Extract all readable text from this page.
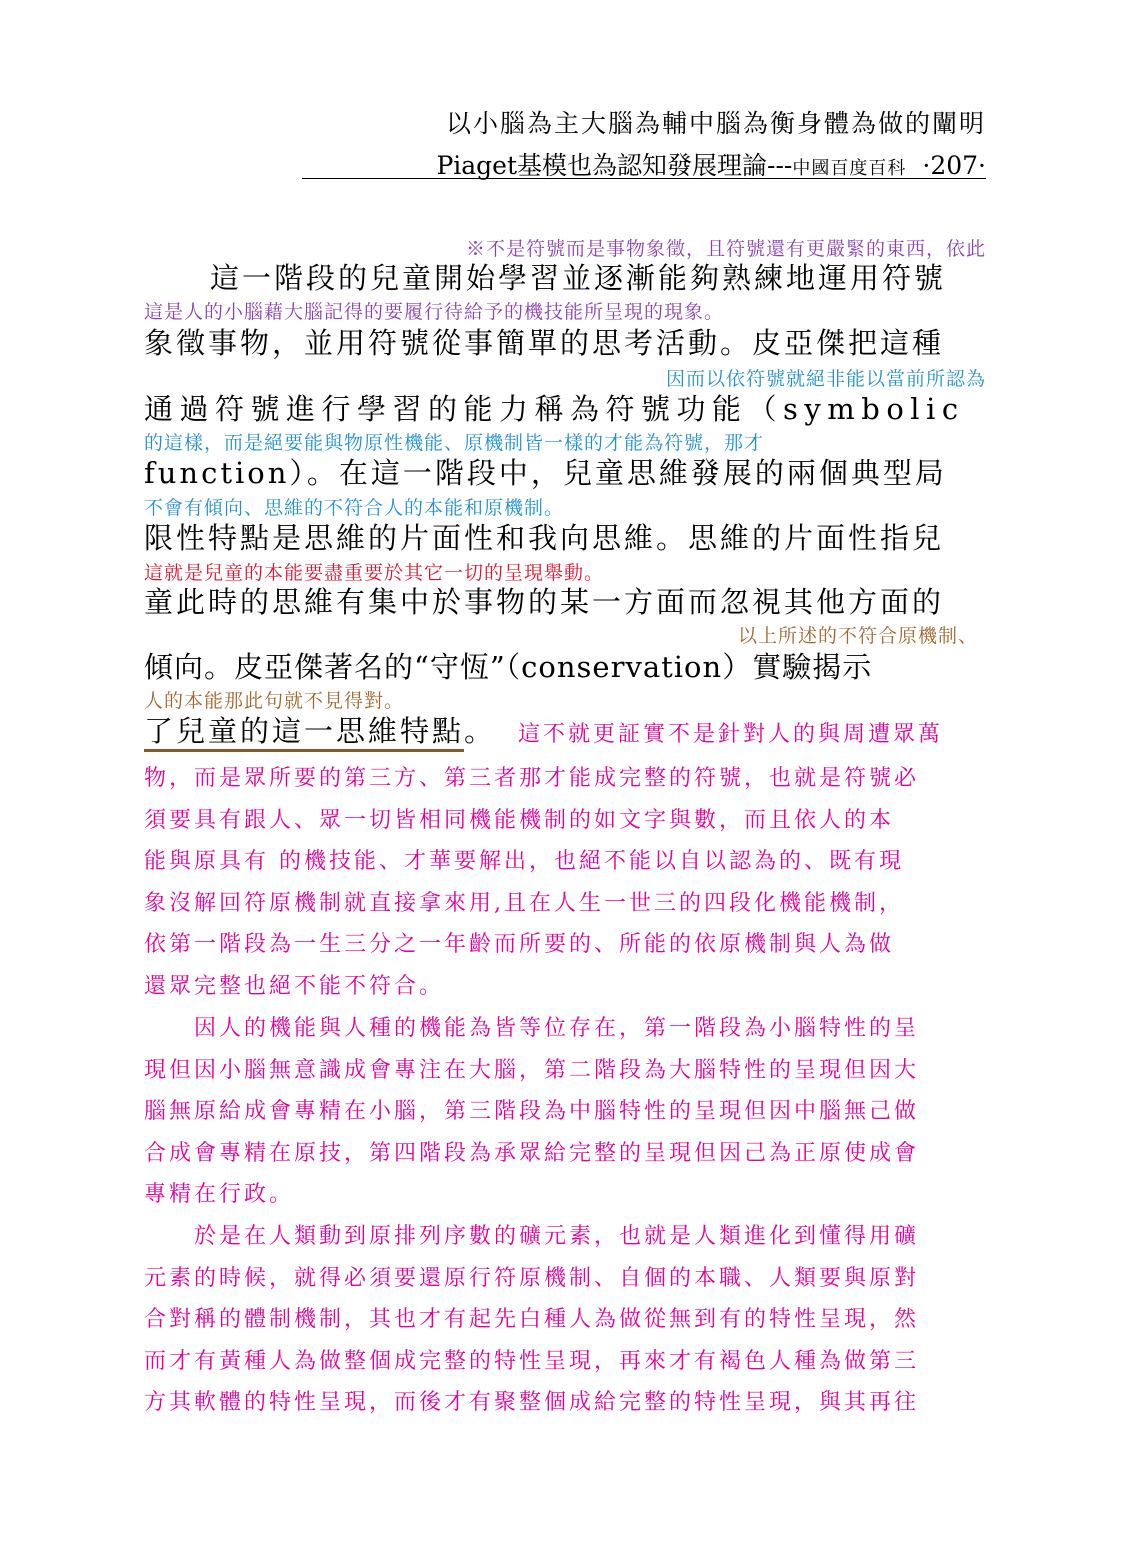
以小腦為主大腦為輔中腦為衡身體為做的闡明
Piaget基模也為認知發展理論---中國百度百科 ·207·
※不是符號而是事物象徵，且符號還有更嚴緊的東西，依此
這一階段的兒童開始學習並逐漸能夠熟練地運用符號
這是人的小腦藉大腦記得的要履行待給予的機技能所呈現的現象。
象徵事物，並用符號從事簡單的思考活動。皮亞傑把這種
因而以依符號就絕非能以當前所認為
通過符號進行學習的能力稱為符號功能（symbolic
的這樣，而是絕要能與物原性機能、原機制皆一樣的才能為符號，那才
function）。在這一階段中，兒童思維發展的兩個典型局
不會有傾向、思維的不符合人的本能和原機制。
限性特點是思維的片面性和我向思維。思維的片面性指兒
這就是兒童的本能要盡重要於其它一切的呈現舉動。
童此時的思維有集中於事物的某一方面而忽視其他方面的
以上所述的不符合原機制、
傾向。皮亞傑著名的“守恆”（conservation）實驗揭示
人的本能那此句就不見得對。
了兒童的這一思維特點。 這不就更証實不是針對人的與周遭眾萬
物，而是眾所要的第三方、第三者那才能成完整的符號，也就是符號必
須要具有跟人、眾一切皆相同機能機制的如文字與數，而且依人的本
能與原具有 的機技能、才華要解出，也絕不能以自以認為的、既有現
象沒解回符原機制就直接拿來用,且在人生一世三的四段化機能機制，
依第一階段為一生三分之一年齡而所要的、所能的依原機制與人為做
還眾完整也絕不能不符合。
　　因人的機能與人種的機能為皆等位存在，第一階段為小腦特性的呈
現但因小腦無意識成會專注在大腦，第二階段為大腦特性的呈現但因大
腦無原給成會專精在小腦，第三階段為中腦特性的呈現但因中腦無己做
合成會專精在原技，第四階段為承眾給完整的呈現但因己為正原使成會
專精在行政。
　　於是在人類動到原排列序數的礦元素，也就是人類進化到懂得用礦
元素的時候，就得必須要還原行符原機制、自個的本職、人類要與原對
合對稱的體制機制，其也才有起先白種人為做從無到有的特性呈現，然
而才有黃種人為做整個成完整的特性呈現，再來才有褐色人種為做第三
方其軟體的特性呈現，而後才有聚整個成給完整的特性呈現，與其再往
